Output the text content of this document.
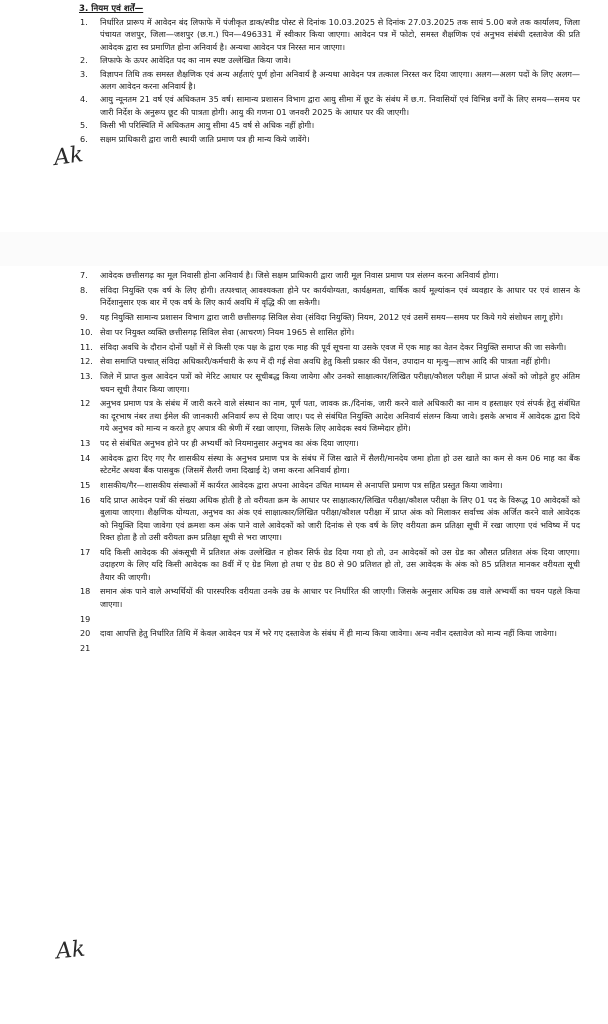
3. नियम एवं शर्तें—
1.	निर्धारित प्रारूप में आवेदन बंद लिफाफे में पंजीकृत डाक/स्पीड पोस्ट से दिनांक 10.03.2025 से दिनांक 27.03.2025 तक सायं 5.00 बजे तक कार्यालय, जिला पंचायत जशपुर, जिला—जशपुर (छ.ग.) पिन—496331 में स्वीकार किया जाएगा। आवेदन पत्र में फोटो, समस्त शैक्षणिक एवं अनुभव संबंधी दस्तावेज की प्रति आवेदक द्वारा स्व प्रमाणित होना अनिवार्य है। अन्यथा आवेदन पत्र निरस्त मान जाएगा।
2.	लिफाफे के ऊपर आवेदित पद का नाम स्पष्ट उल्लेखित किया जावे।
3.	विज्ञापन तिथि तक समस्त शैक्षणिक एवं अन्य अर्हताएं पूर्ण होना अनिवार्य है अन्यथा आवेदन पत्र तत्काल निरस्त कर दिया जाएगा। अलग—अलग पदों के लिए अलग—अलग आवेदन करना अनिवार्य है।
4.	आयु न्यूनतम 21 वर्ष एवं अधिकतम 35 वर्ष। सामान्य प्रशासन विभाग द्वारा आयु सीमा में छूट के संबंध में छ.ग. निवासियों एवं विभिन्न वर्गों के लिए समय—समय पर जारी निर्देश के अनुरूप छूट की पात्रता होगी। आयु की गणना 01 जनवरी 2025 के आधार पर की जाएगी।
5.	किसी भी परिस्थिति में अधिकतम आयु सीमा 45 वर्ष से अधिक नहीं होगी।
6.	सक्षम प्राधिकारी द्वारा जारी स्थायी जाति प्रमाण पत्र ही मान्य किये जावेंगे।
7.	आवेदक छत्तीसगढ़ का मूल निवासी होना अनिवार्य है। जिसे सक्षम प्राधिकारी द्वारा जारी मूल निवास प्रमाण पत्र संलग्न करना अनिवार्य होगा।
8.	संविदा नियुक्ति एक वर्ष के लिए होगी। तत्पश्चात् आवश्यकता होने पर कार्ययोग्यता, कार्यक्षमता, वार्षिक कार्य मूल्यांकन एवं व्यवहार के आधार पर एवं शासन के निर्देशानुसार एक बार में एक वर्ष के लिए कार्य अवधि में वृद्धि की जा सकेगी।
9.	यह नियुक्ति सामान्य प्रशासन विभाग द्वारा जारी छत्तीसगढ़ सिविल सेवा (संविदा नियुक्ति) नियम, 2012 एवं उसमें समय—समय पर किये गये संशोधन लागू होंगे।
10. सेवा पर नियुक्त व्यक्ति छत्तीसगढ़ सिविल सेवा (आचरण) नियम 1965 से शासित होंगे।
11. संविदा अवधि के दौरान दोनों पक्षों में से किसी एक पक्ष के द्वारा एक माह की पूर्व सूचना या उसके एवज में एक माह का वेतन देकर नियुक्ति समाप्त की जा सकेगी।
12. सेवा समाप्ति पश्चात् संविदा अधिकारी/कर्मचारी के रूप में दी गई सेवा अवधि हेतु किसी प्रकार की पेंशन, उपादान या मृत्यु—लाभ आदि की पात्रता नहीं होगी।
13. जिले में प्राप्त कुल आवेदन पत्रों को मेरिट आधार पर सूचीबद्ध किया जायेगा और उनको साक्षात्कार/लिखित परीक्षा/कौशल परीक्षा में प्राप्त अंकों को जोड़ते हुए अंतिम चयन सूची तैयार किया जाएगा।
12	अनुभव प्रमाण पत्र के संबंध में जारी करने वाले संस्थान का नाम, पूर्ण पता, जावक क्र./दिनांक, जारी करने वाले अधिकारी का नाम व हस्ताक्षर एवं संपर्क हेतु संबंधित का दूरभाष नंबर तथा ईमेल की जानकारी अनिवार्य रूप से दिया जाए। पद से संबंधित नियुक्ति आदेश अनिवार्य संलग्न किया जावे। इसके अभाव में आवेदक द्वारा दिये गये अनुभव को मान्य न करते हुए अपात्र की श्रेणी में रखा जाएगा, जिसके लिए आवेदक स्वयं जिम्मेदार होंगे।
13	पद से संबंधित अनुभव होने पर ही अभ्यर्थी को नियमानुसार अनुभव का अंक दिया जाएगा।
14	आवेदक द्वारा दिए गए गैर शासकीय संस्था के अनुभव प्रमाण पत्र के संबंध में जिस खाते में सैलरी/मानदेय जमा होता हो उस खाते का कम से कम 06 माह का बैंक स्टेटमेंट अथवा बैंक पासबुक (जिसमें सैलरी जमा दिखाई दे) जमा करना अनिवार्य होगा।
15	शासकीय/गैर—शासकीय संस्थाओं में कार्यरत आवेदक द्वारा अपना आवेदन उचित माध्यम से अनापत्ति प्रमाण पत्र सहित प्रस्तुत किया जावेगा।
16	यदि प्राप्त आवेदन पत्रों की संख्या अधिक होती है तो वरीयता क्रम के आधार पर साक्षात्कार/लिखित परीक्षा/कौशल परीक्षा के लिए 01 पद के विरूद्ध 10 आवेदकों को बुलाया जाएगा। शैक्षणिक योग्यता, अनुभव का अंक एवं साक्षात्कार/लिखित परीक्षा/कौशल परीक्षा में प्राप्त अंक को मिलाकर सर्वाच्च अंक अर्जित करने वाले आवेदक को नियुक्ति दिया जावेगा एवं क्रमशः कम अंक पाने वाले आवेदकों को जारी दिनांक से एक वर्ष के लिए वरीयता क्रम प्रतिक्षा सूची में रखा जाएगा एवं भविष्य में पद रिक्त होता है तो उसी वरीयता क्रम प्रतिक्षा सूची से भरा जाएगा।
17	यदि किसी आवेदक की अंकसूची में प्रतिशत अंक उल्लेखित न होकर सिर्फ ग्रेड दिया गया हो तो, उन आवेदकों को उस ग्रेड का औसत प्रतिशत अंक दिया जाएगा। उदाहरण के लिए यदि किसी आवेदक का 8वीं में ए ग्रेड मिला हो तथा ए ग्रेड 80 से 90 प्रतिशत हो तो, उस आवेदक के अंक को 85 प्रतिशत मानकर वरीयता सूची तैयार की जाएगी।
18	समान अंक पाने वाले अभ्यर्थियों की पारस्परिक वरीयता उनके उम्र के आधार पर निर्धारित की जाएगी। जिसके अनुसार अधिक उम्र वाले अभ्यर्थी का चयन पहले किया जाएगा।
19
20	दावा आपत्ति हेतु निर्धारित तिथि में केवल आवेदन पत्र में भरे गए दस्तावेज के संबंध में ही मान्य किया जावेगा। अन्य नवीन दस्तावेज को मान्य नहीं किया जावेगा।
21
Ak
Ak
